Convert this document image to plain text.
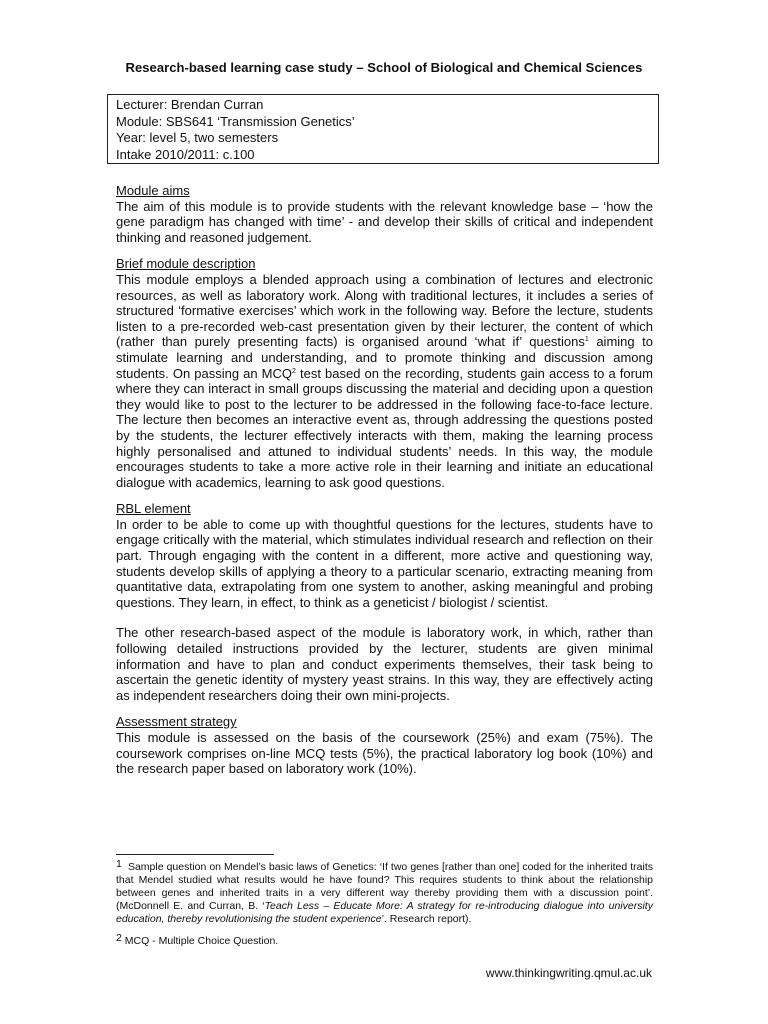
Research-based learning case study – School of Biological and Chemical Sciences
Lecturer: Brendan Curran
Module: SBS641 ‘Transmission Genetics’
Year: level 5, two semesters
Intake 2010/2011: c.100
Module aims

The aim of this module is to provide students with the relevant knowledge base – ‘how the gene paradigm has changed with time’ - and develop their skills of critical and independent thinking and reasoned judgement.

Brief module description

This module employs a blended approach using a combination of lectures and electronic resources, as well as laboratory work. Along with traditional lectures, it includes a series of structured ‘formative exercises’ which work in the following way. Before the lecture, students listen to a pre-recorded web-cast presentation given by their lecturer, the content of which (rather than purely presenting facts) is organised around ‘what if’ questions$^1$ aiming to stimulate learning and understanding, and to promote thinking and discussion among students. On passing an MCQ$^2$ test based on the recording, students gain access to a forum where they can interact in small groups discussing the material and deciding upon a question they would like to post to the lecturer to be addressed in the following face-to-face lecture. The lecture then becomes an interactive event as, through addressing the questions posted by the students, the lecturer effectively interacts with them, making the learning process highly personalised and attuned to individual students’ needs. In this way, the module encourages students to take a more active role in their learning and initiate an educational dialogue with academics, learning to ask good questions.

RBL element

In order to be able to come up with thoughtful questions for the lectures, students have to engage critically with the material, which stimulates individual research and reflection on their part. Through engaging with the content in a different, more active and questioning way, students develop skills of applying a theory to a particular scenario, extracting meaning from quantitative data, extrapolating from one system to another, asking meaningful and probing questions. They learn, in effect, to think as a geneticist / biologist / scientist.

The other research-based aspect of the module is laboratory work, in which, rather than following detailed instructions provided by the lecturer, students are given minimal information and have to plan and conduct experiments themselves, their task being to ascertain the genetic identity of mystery yeast strains. In this way, they are effectively acting as independent researchers doing their own mini-projects.

Assessment strategy

This module is assessed on the basis of the coursework (25%) and exam (75%). The coursework comprises on-line MCQ tests (5%), the practical laboratory log book (10%) and the research paper based on laboratory work (10%).

1 Sample question on Mendel’s basic laws of Genetics: ‘If two genes [rather than one] coded for the inherited traits that Mendel studied what results would he have found? This requires students to think about the relationship between genes and inherited traits in a very different way thereby providing them with a discussion point’. (McDonnell E. and Curran, B. ‘Teach Less – Educate More: A strategy for re-introducing dialogue into university education, thereby revolutionising the student experience’. Research report).

2 MCQ - Multiple Choice Question.

www.thinkingwriting.qmul.ac.uk
